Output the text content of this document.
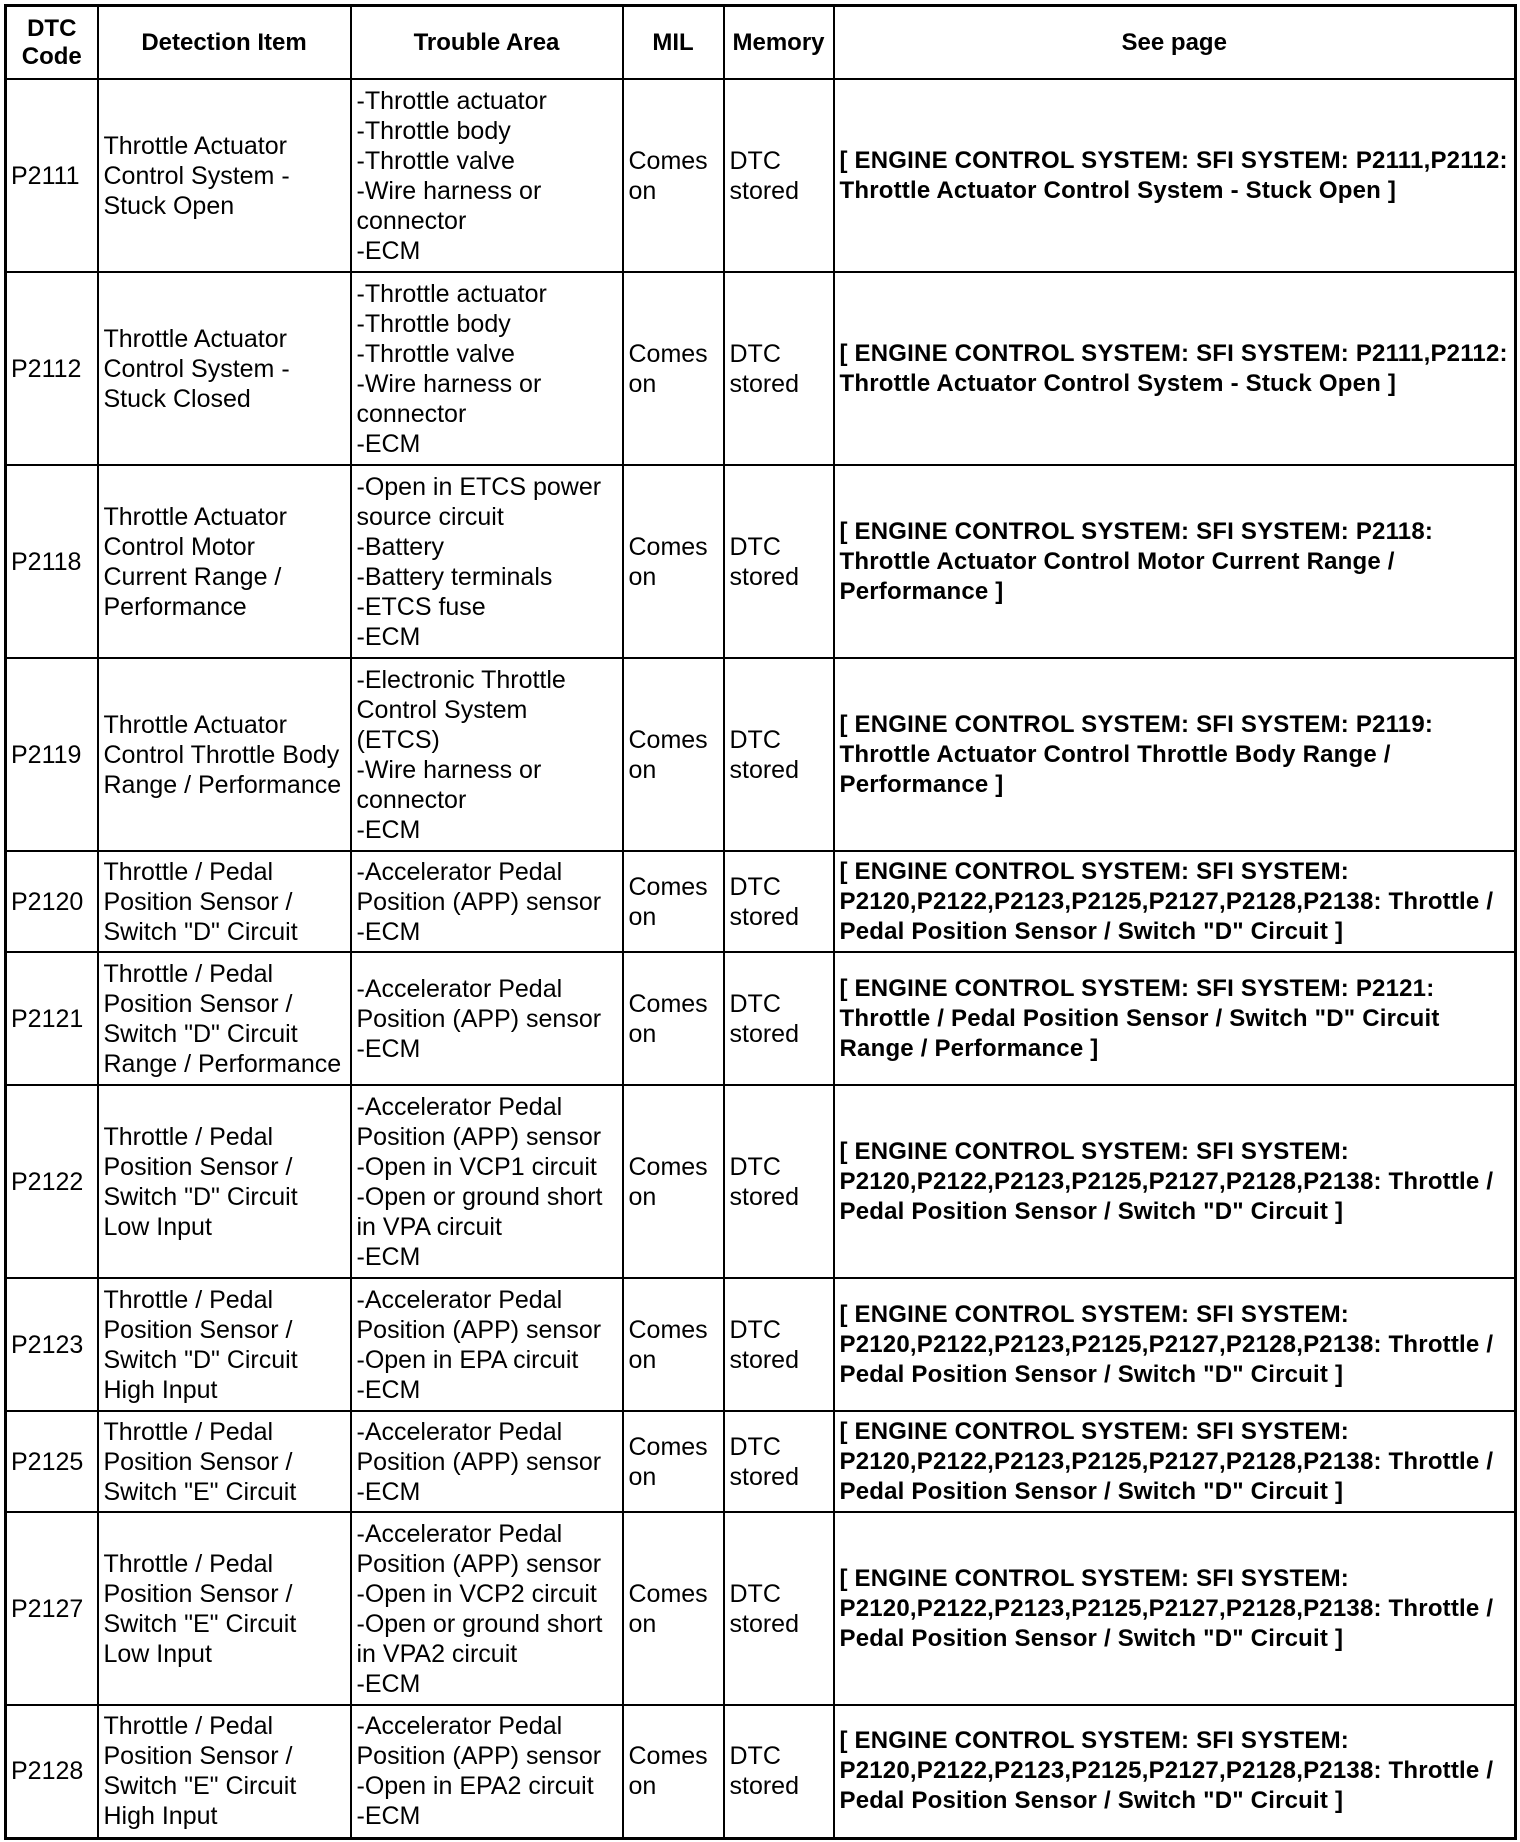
DTC Code	Detection Item	Trouble Area	MIL	Memory	See page
P2111	Throttle Actuator Control System - Stuck Open	-Throttle actuator
-Throttle body
-Throttle valve
-Wire harness or connector
-ECM	Comes on	DTC stored	[ ENGINE CONTROL SYSTEM: SFI SYSTEM: P2111,P2112: Throttle Actuator Control System - Stuck Open ]
P2112	Throttle Actuator Control System - Stuck Closed	-Throttle actuator
-Throttle body
-Throttle valve
-Wire harness or connector
-ECM	Comes on	DTC stored	[ ENGINE CONTROL SYSTEM: SFI SYSTEM: P2111,P2112: Throttle Actuator Control System - Stuck Open ]
P2118	Throttle Actuator Control Motor Current Range / Performance	-Open in ETCS power source circuit
-Battery
-Battery terminals
-ETCS fuse
-ECM	Comes on	DTC stored	[ ENGINE CONTROL SYSTEM: SFI SYSTEM: P2118: Throttle Actuator Control Motor Current Range / Performance ]
P2119	Throttle Actuator Control Throttle Body Range / Performance	-Electronic Throttle Control System (ETCS)
-Wire harness or connector
-ECM	Comes on	DTC stored	[ ENGINE CONTROL SYSTEM: SFI SYSTEM: P2119: Throttle Actuator Control Throttle Body Range / Performance ]
P2120	Throttle / Pedal Position Sensor / Switch "D" Circuit	-Accelerator Pedal Position (APP) sensor
-ECM	Comes on	DTC stored	[ ENGINE CONTROL SYSTEM: SFI SYSTEM: P2120,P2122,P2123,P2125,P2127,P2128,P2138: Throttle / Pedal Position Sensor / Switch "D" Circuit ]
P2121	Throttle / Pedal Position Sensor / Switch "D" Circuit Range / Performance	-Accelerator Pedal Position (APP) sensor
-ECM	Comes on	DTC stored	[ ENGINE CONTROL SYSTEM: SFI SYSTEM: P2121: Throttle / Pedal Position Sensor / Switch "D" Circuit Range / Performance ]
P2122	Throttle / Pedal Position Sensor / Switch "D" Circuit Low Input	-Accelerator Pedal Position (APP) sensor
-Open in VCP1 circuit
-Open or ground short in VPA circuit
-ECM	Comes on	DTC stored	[ ENGINE CONTROL SYSTEM: SFI SYSTEM: P2120,P2122,P2123,P2125,P2127,P2128,P2138: Throttle / Pedal Position Sensor / Switch "D" Circuit ]
P2123	Throttle / Pedal Position Sensor / Switch "D" Circuit High Input	-Accelerator Pedal Position (APP) sensor
-Open in EPA circuit
-ECM	Comes on	DTC stored	[ ENGINE CONTROL SYSTEM: SFI SYSTEM: P2120,P2122,P2123,P2125,P2127,P2128,P2138: Throttle / Pedal Position Sensor / Switch "D" Circuit ]
P2125	Throttle / Pedal Position Sensor / Switch "E" Circuit	-Accelerator Pedal Position (APP) sensor
-ECM	Comes on	DTC stored	[ ENGINE CONTROL SYSTEM: SFI SYSTEM: P2120,P2122,P2123,P2125,P2127,P2128,P2138: Throttle / Pedal Position Sensor / Switch "D" Circuit ]
P2127	Throttle / Pedal Position Sensor / Switch "E" Circuit Low Input	-Accelerator Pedal Position (APP) sensor
-Open in VCP2 circuit
-Open or ground short in VPA2 circuit
-ECM	Comes on	DTC stored	[ ENGINE CONTROL SYSTEM: SFI SYSTEM: P2120,P2122,P2123,P2125,P2127,P2128,P2138: Throttle / Pedal Position Sensor / Switch "D" Circuit ]
P2128	Throttle / Pedal Position Sensor / Switch "E" Circuit High Input	-Accelerator Pedal Position (APP) sensor
-Open in EPA2 circuit
-ECM	Comes on	DTC stored	[ ENGINE CONTROL SYSTEM: SFI SYSTEM: P2120,P2122,P2123,P2125,P2127,P2128,P2138: Throttle / Pedal Position Sensor / Switch "D" Circuit ]
